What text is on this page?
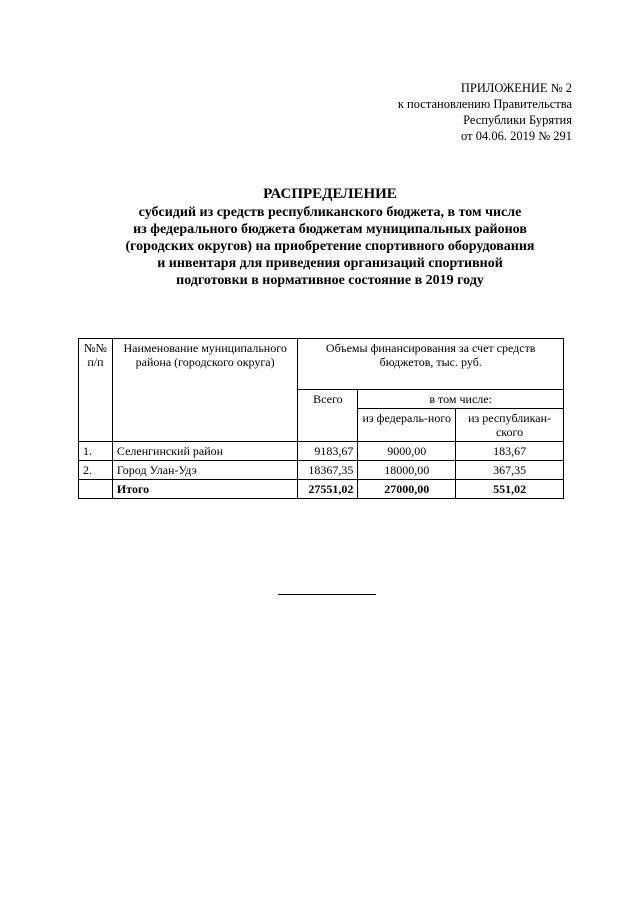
ПРИЛОЖЕНИЕ № 2
к постановлению Правительства
Республики Бурятия
от 04.06. 2019 № 291
РАСПРЕДЕЛЕНИЕ
субсидий из средств республиканского бюджета, в том числе
из федерального бюджета бюджетам муниципальных районов
(городских округов) на приобретение спортивного оборудования
и инвентаря для приведения организаций спортивной
подготовки в нормативное состояние в 2019 году
№№ п/п	Наименование муниципального района (городского округа)	Объемы финансирования за счет средств бюджетов, тыс. руб.		
		Всего	в том числе:	
			из федераль-ного	из республикан-ского
1.	Селенгинский район	9183,67	9000,00	183,67
2.	Город Улан-Удэ	18367,35	18000,00	367,35
	Итого	27551,02	27000,00	551,02
